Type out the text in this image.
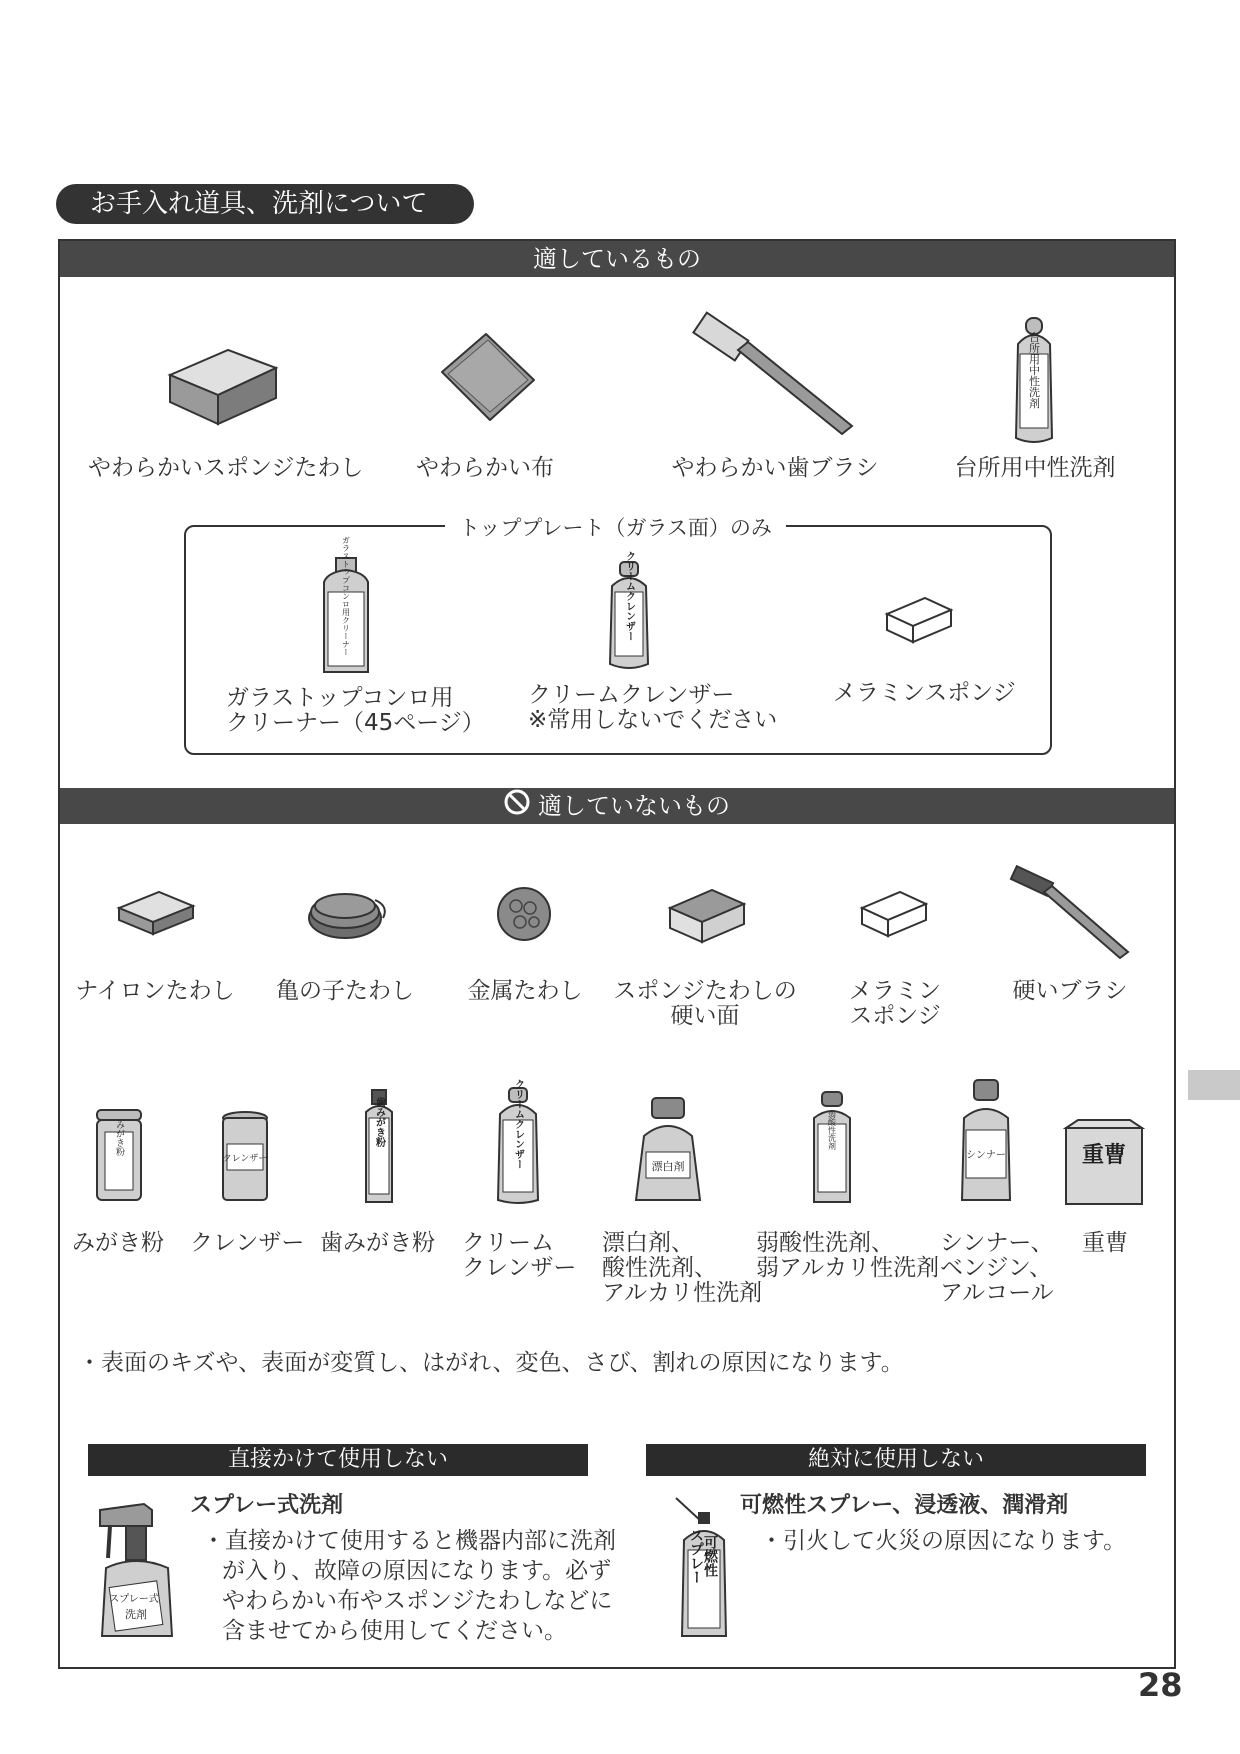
お手入れ道具、洗剤について
適しているもの
台所用中性洗剤
やわらかいスポンジたわし	やわらかい布	やわらかい歯ブラシ	台所用中性洗剤
トッププレート（ガラス面）のみ
ガラストップコンロ用クリーナー	クリームクレンザー
ガラストップコンロ用
クリーナー（45ページ）
クリームクレンザー
※常用しないでください
メラミンスポンジ
適していないもの
ナイロンたわし	亀の子たわし	金属たわし	スポンジたわしの
硬い面
メラミン
スポンジ
硬いブラシ
みがき粉
クレンザー
歯みがき粉	クリームクレンザー	漂白剤
弱酸性洗剤
シンナー	重曹
みがき粉 クレンザー 歯みがき粉 クリーム
クレンザー
漂白剤、
酸性洗剤、
アルカリ性洗剤
弱酸性洗剤、
弱アルカリ性洗剤
シンナー、
ベンジン、
アルコール
重曹
・表面のキズや、表面が変質し、はがれ、変色、さび、割れの原因になります。
直接かけて使用しない
スプレー式洗剤
スプレー式
洗剤
・直接かけて使用すると機器内部に洗剤
が入り、故障の原因になります。必ず
やわらかい布やスポンジたわしなどに
含ませてから使用してください。
絶対に使用しない
可燃性スプレー、浸透液、潤滑剤
可燃性
スプレー ・引火して火災の原因になります。
28
